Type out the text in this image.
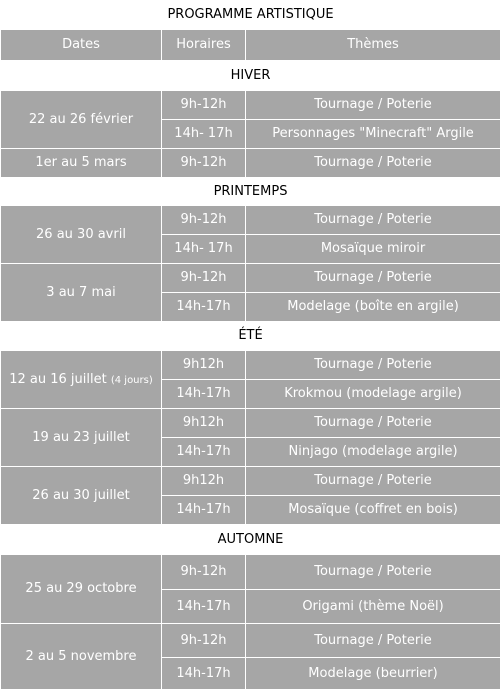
PROGRAMME ARTISTIQUE		
Dates	Horaires	Thèmes
HIVER		
22 au 26 février	9h-12h	Tournage / Poterie
	14h- 17h	Personnages "Minecraft" Argile
1er au 5 mars	9h-12h	Tournage / Poterie
PRINTEMPS		
26 au 30 avril	9h-12h	Tournage / Poterie
	14h- 17h	Mosaïque miroir
3 au 7 mai	9h-12h	Tournage / Poterie
	14h-17h	Modelage (boîte en argile)
ÉTÉ		
12 au 16 juillet (4 jours)	9h12h	Tournage / Poterie
	14h-17h	Krokmou (modelage argile)
19 au 23 juillet	9h12h	Tournage / Poterie
	14h-17h	Ninjago (modelage argile)
26 au 30 juillet	9h12h	Tournage / Poterie
	14h-17h	Mosaïque (coffret en bois)
AUTOMNE		
25 au 29 octobre	9h-12h	Tournage / Poterie
	14h-17h	Origami (thème Noël)
2 au 5 novembre	9h-12h	Tournage / Poterie
	14h-17h	Modelage (beurrier)
